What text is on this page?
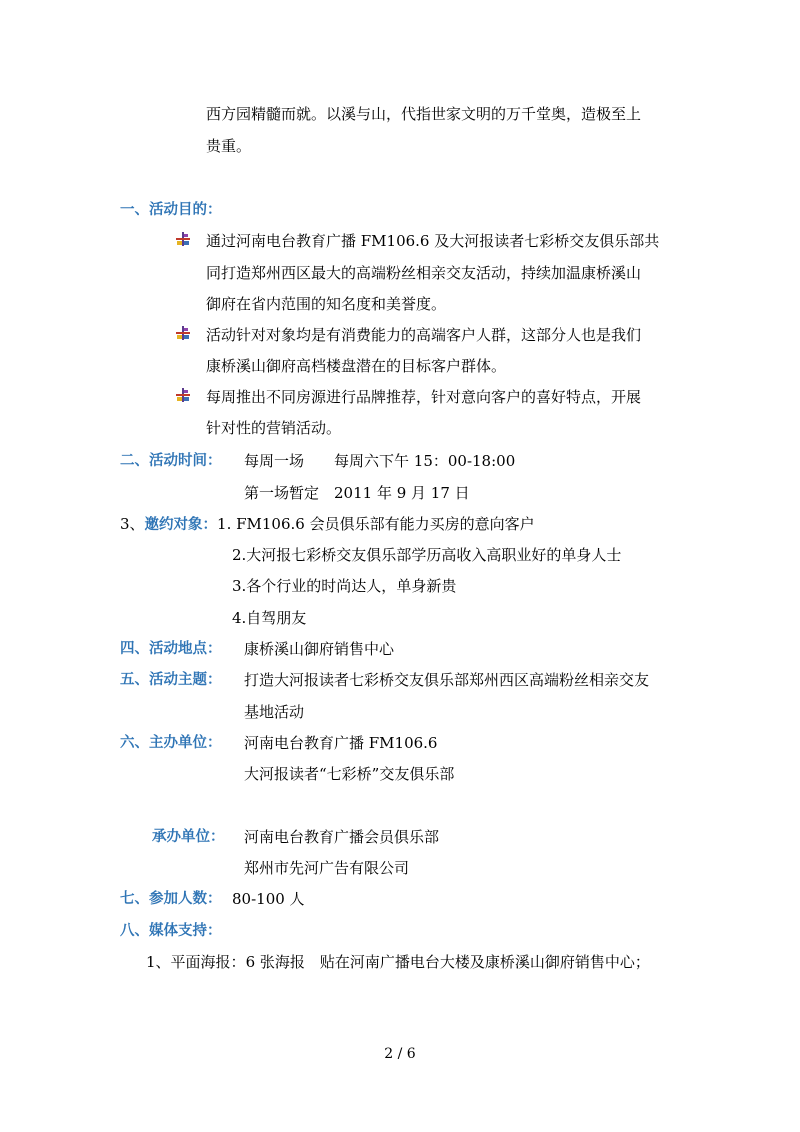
西方园精髓而就。以溪与山，代指世家文明的万千堂奥，造极至上
贵重。
一、活动目的：
通过河南电台教育广播 FM106.6 及大河报读者七彩桥交友俱乐部共
同打造郑州西区最大的高端粉丝相亲交友活动，持续加温康桥溪山
御府在省内范围的知名度和美誉度。
活动针对对象均是有消费能力的高端客户人群，这部分人也是我们
康桥溪山御府高档楼盘潜在的目标客户群体。
每周推出不同房源进行品牌推荐，针对意向客户的喜好特点，开展
针对性的营销活动。
二、活动时间： 每周一场　　每周六下午 15：00-18:00
第一场暂定　2011 年 9 月 17 日
3、邀约对象：1. FM106.6 会员俱乐部有能力买房的意向客户
2.大河报七彩桥交友俱乐部学历高收入高职业好的单身人士
3.各个行业的时尚达人，单身新贵
4.自驾朋友
四、活动地点： 康桥溪山御府销售中心
五、活动主题： 打造大河报读者七彩桥交友俱乐部郑州西区高端粉丝相亲交友
基地活动
六、主办单位： 河南电台教育广播 FM106.6
大河报读者“七彩桥”交友俱乐部
承办单位： 河南电台教育广播会员俱乐部
郑州市先河广告有限公司
七、参加人数： 80-100 人
八、媒体支持：
1、平面海报：6 张海报　贴在河南广播电台大楼及康桥溪山御府销售中心；
2 / 6
